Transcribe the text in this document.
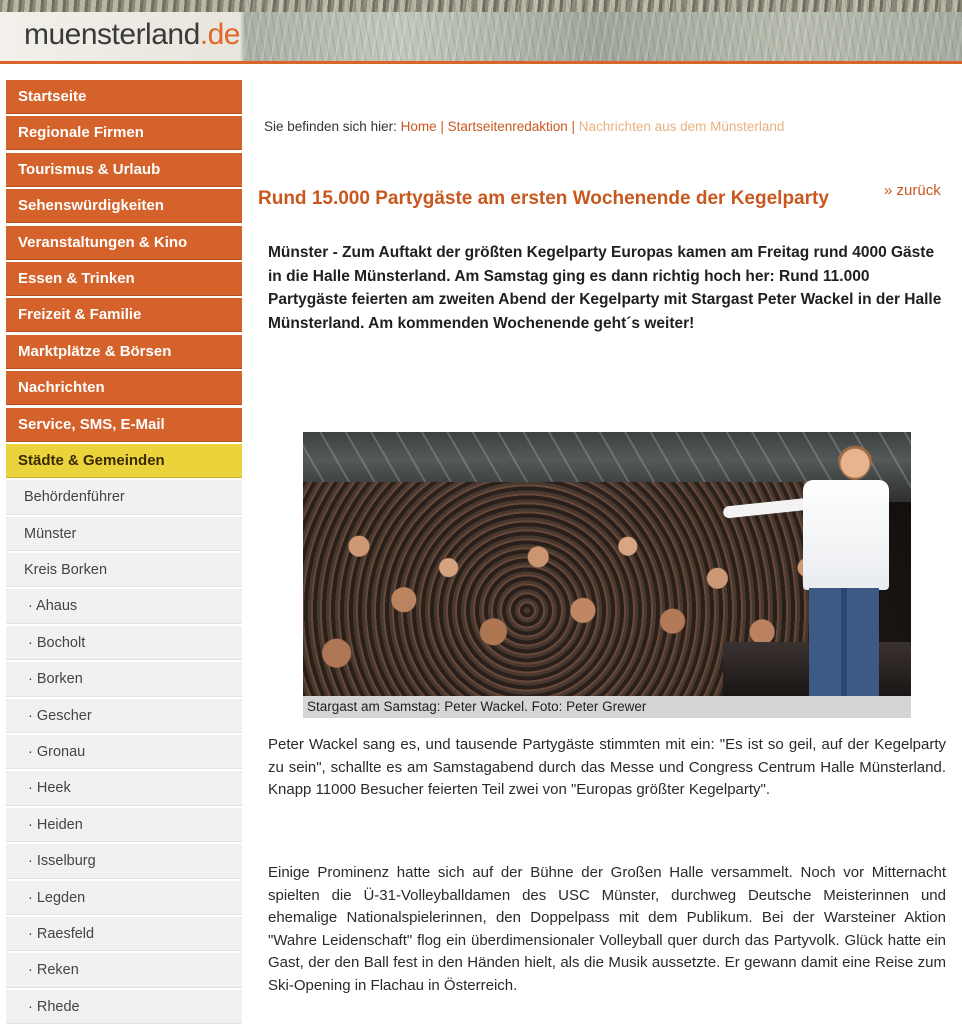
muensterland.de
Startseite
Regionale Firmen
Tourismus & Urlaub
Sehenswürdigkeiten
Veranstaltungen & Kino
Essen & Trinken
Freizeit & Familie
Marktplätze & Börsen
Nachrichten
Service, SMS, E-Mail
Städte & Gemeinden
Behördenführer
Münster
Kreis Borken
· Ahaus
· Bocholt
· Borken
· Gescher
· Gronau
· Heek
· Heiden
· Isselburg
· Legden
· Raesfeld
· Reken
· Rhede
Sie befinden sich hier: Home | Startseitenredaktion | Nachrichten aus dem Münsterland
Rund 15.000 Partygäste am ersten Wochenende der Kegelparty	» zurück

Münster - Zum Auftakt der größten Kegelparty Europas kamen am Freitag rund 4000 Gäste in die Halle Münsterland. Am Samstag ging es dann richtig hoch her: Rund 11.000 Partygäste feierten am zweiten Abend der Kegelparty mit Stargast Peter Wackel in der Halle Münsterland. Am kommenden Wochenende geht´s weiter!

Stargast am Samstag: Peter Wackel. Foto: Peter Grewer

Peter Wackel sang es, und tausende Partygäste stimmten mit ein: "Es ist so geil, auf der Kegelparty zu sein", schallte es am Samstagabend durch das Messe und Congress Centrum Halle Münsterland. Knapp 11000 Besucher feierten Teil zwei von "Europas größter Kegelparty".

Einige Prominenz hatte sich auf der Bühne der Großen Halle versammelt. Noch vor Mitternacht spielten die Ü-31-Volleyballdamen des USC Münster, durchweg Deutsche Meisterinnen und ehemalige Nationalspielerinnen, den Doppelpass mit dem Publikum. Bei der Warsteiner Aktion "Wahre Leidenschaft" flog ein überdimensionaler Volleyball quer durch das Partyvolk. Glück hatte ein Gast, der den Ball fest in den Händen hielt, als die Musik aussetzte. Er gewann damit eine Reise zum Ski-Opening in Flachau in Österreich.
